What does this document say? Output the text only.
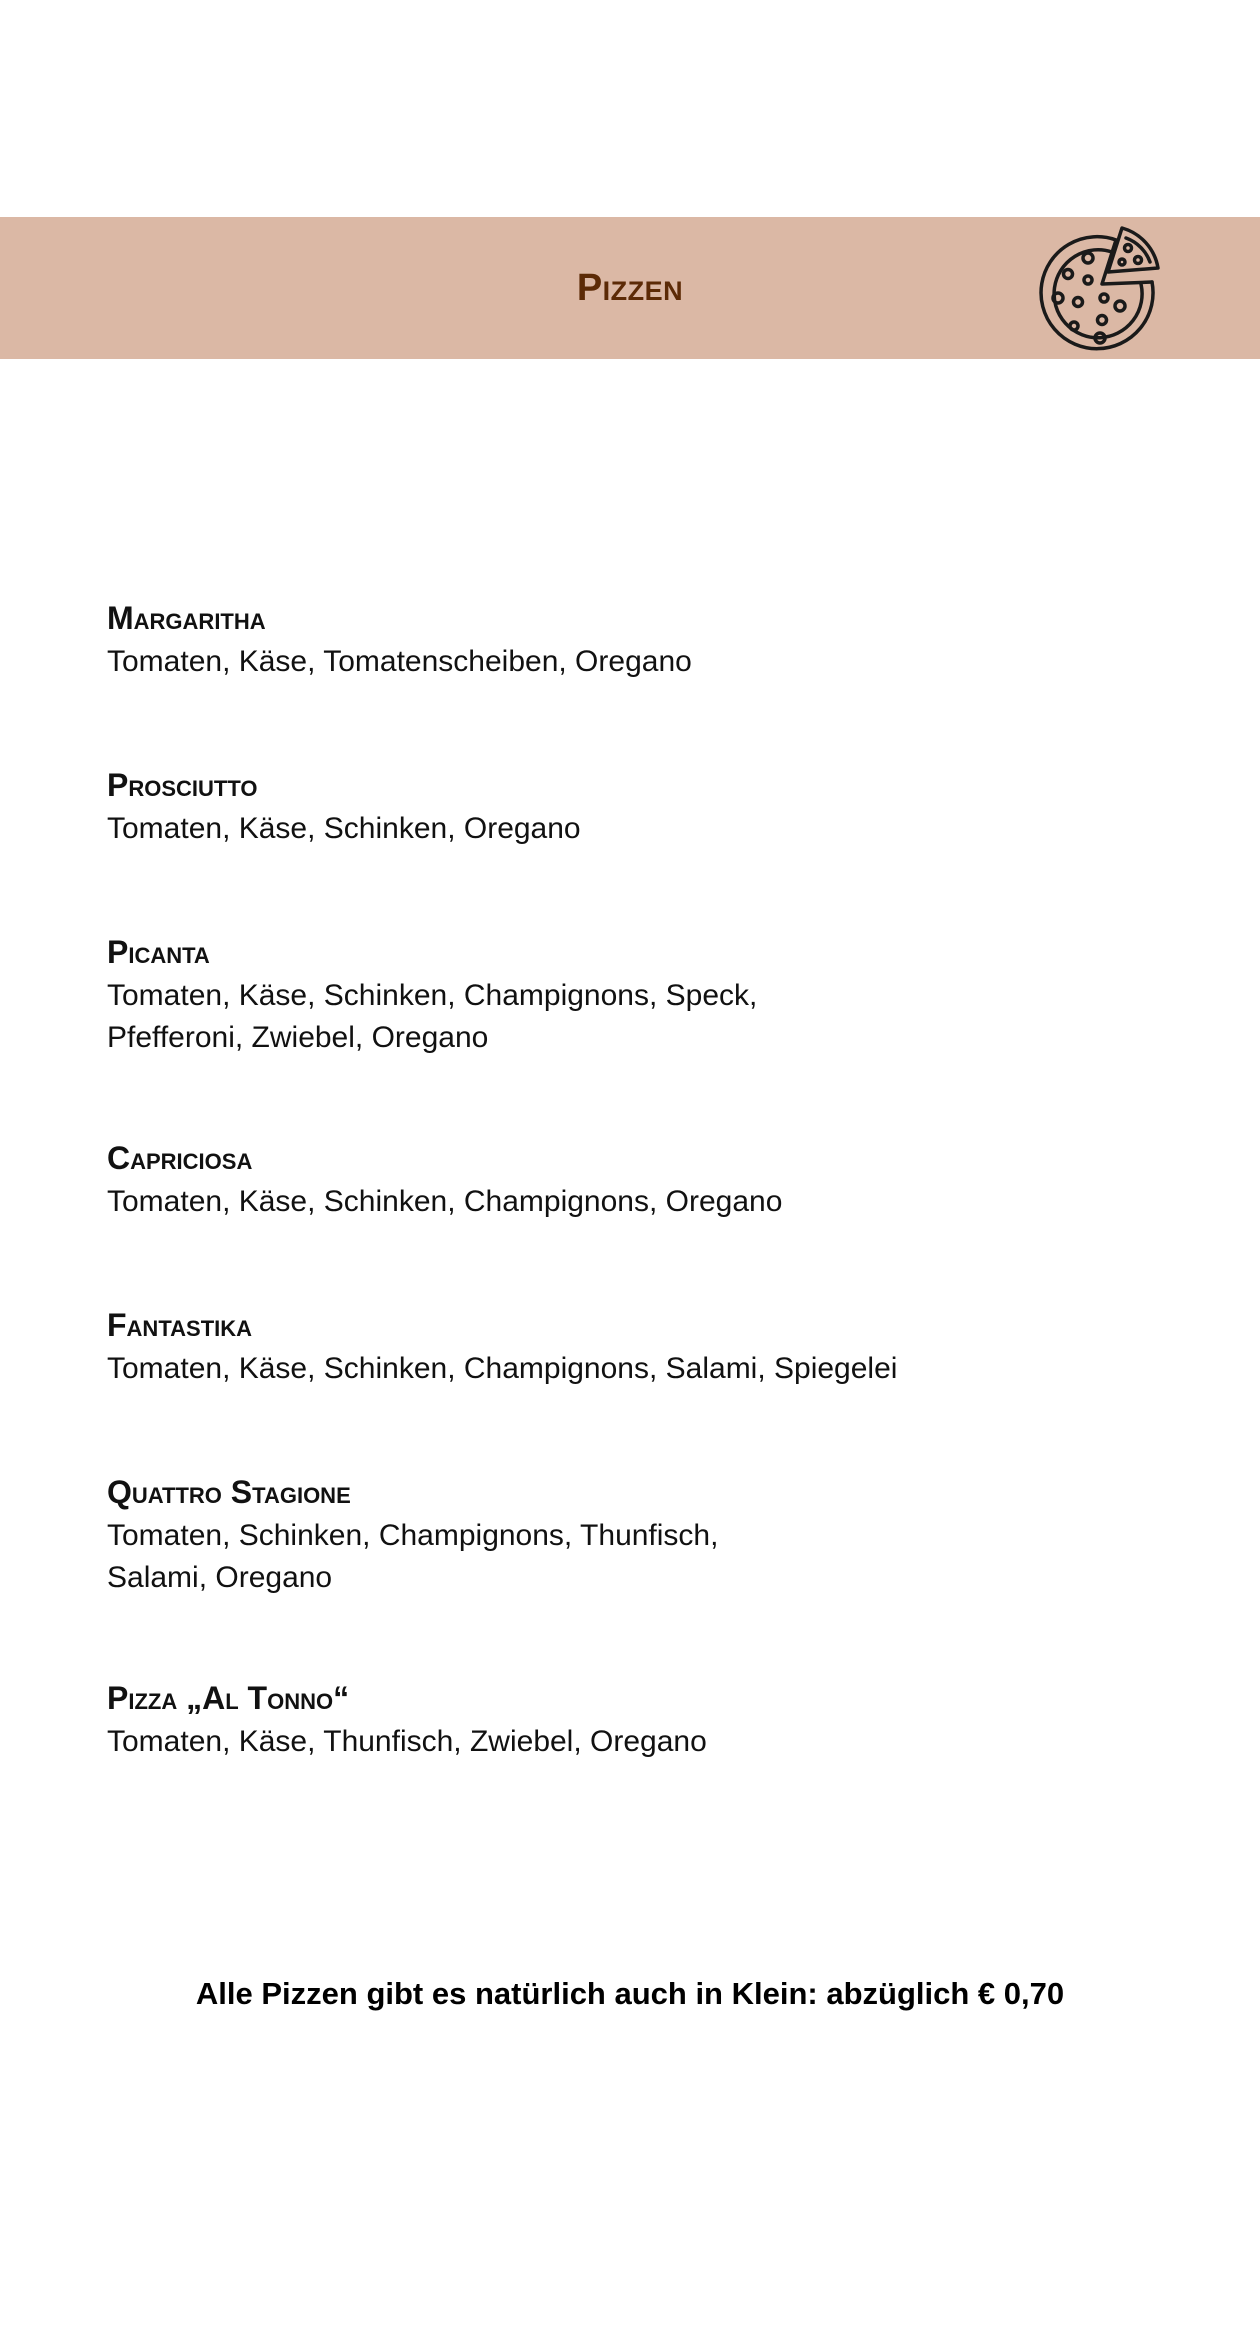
Pizzen
Margaritha
Tomaten, Käse, Tomatenscheiben, Oregano
Prosciutto
Tomaten, Käse, Schinken, Oregano
Picanta
Tomaten, Käse, Schinken, Champignons, Speck,
Pfefferoni, Zwiebel, Oregano
Capriciosa
Tomaten, Käse, Schinken, Champignons, Oregano
Fantastika
Tomaten, Käse, Schinken, Champignons, Salami, Spiegelei
Quattro Stagione
Tomaten, Schinken, Champignons, Thunfisch,
Salami, Oregano
Pizza „Al Tonno“
Tomaten, Käse, Thunfisch, Zwiebel, Oregano
Alle Pizzen gibt es natürlich auch in Klein: abzüglich € 0,70
